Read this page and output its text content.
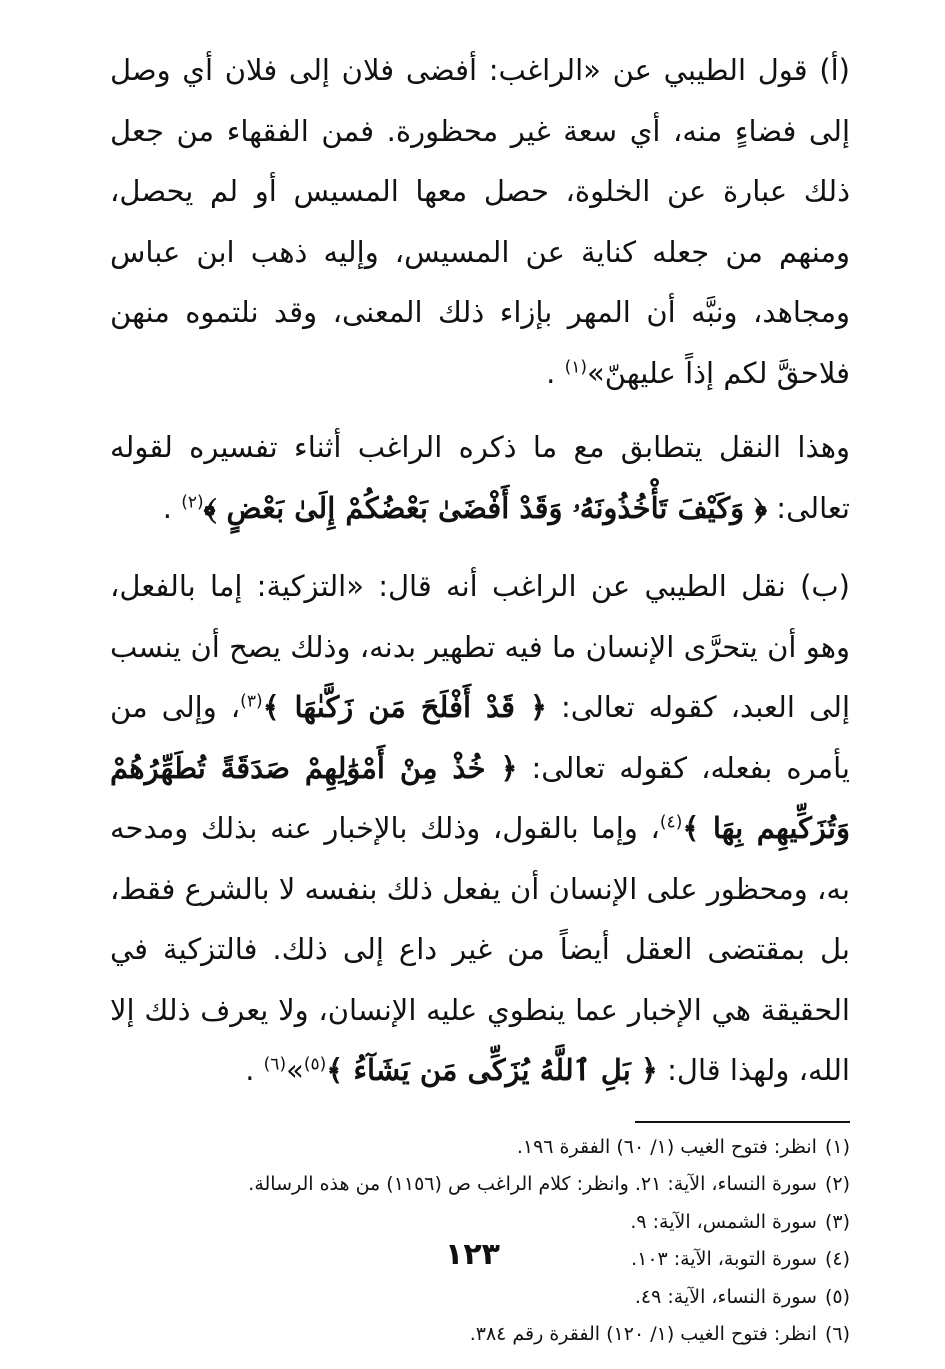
(أ) قول الطيبي عن «الراغب: أفضى فلان إلى فلان أي وصل إلى فضاءٍ منه، أي سعة غير محظورة. فمن الفقهاء من جعل ذلك عبارة عن الخلوة، حصل معها المسيس أو لم يحصل، ومنهم من جعله كناية عن المسيس، وإليه ذهب ابن عباس ومجاهد، ونبَّه أن المهر بإزاء ذلك المعنى، وقد نلتموه منهن فلاحقَّ لكم إذاً عليهنّ»$^{(١)}$ .

وهذا النقل يتطابق مع ما ذكره الراغب أثناء تفسيره لقوله تعالى: ﴿ وَكَيْفَ تَأْخُذُونَهُۥ وَقَدْ أَفْضَىٰ بَعْضُكُمْ إِلَىٰ بَعْضٍ ﴾$^{(٢)}$ .

(ب) نقل الطيبي عن الراغب أنه قال: «التزكية: إما بالفعل، وهو أن يتحرَّى الإنسان ما فيه تطهير بدنه، وذلك يصح أن ينسب إلى العبد، كقوله تعالى: ﴿ قَدْ أَفْلَحَ مَن زَكَّىٰهَا ﴾$^{(٣)}$، وإلى من يأمره بفعله، كقوله تعالى: ﴿ خُذْ مِنْ أَمْوَٰلِهِمْ صَدَقَةً تُطَهِّرُهُمْ وَتُزَكِّيهِم بِهَا ﴾$^{(٤)}$، وإما بالقول، وذلك بالإخبار عنه بذلك ومدحه به، ومحظور على الإنسان أن يفعل ذلك بنفسه لا بالشرع فقط، بل بمقتضى العقل أيضاً من غير داع إلى ذلك. فالتزكية في الحقيقة هي الإخبار عما ينطوي عليه الإنسان، ولا يعرف ذلك إلا الله، ولهذا قال: ﴿ بَلِ ٱللَّهُ يُزَكِّى مَن يَشَآءُ ﴾$^{(٥)}$»$^{(٦)}$ .

(١)انظر: فتوح الغيب (١/ ٦٠) الفقرة ١٩٦.
(٢)سورة النساء، الآية: ٢١. وانظر: كلام الراغب ص (١١٥٦) من هذه الرسالة.
(٣)سورة الشمس، الآية: ٩.
(٤)سورة التوبة، الآية: ١٠٣.
(٥)سورة النساء، الآية: ٤٩.
(٦)انظر: فتوح الغيب (١/ ١٢٠) الفقرة رقم ٣٨٤.
١٢٣
